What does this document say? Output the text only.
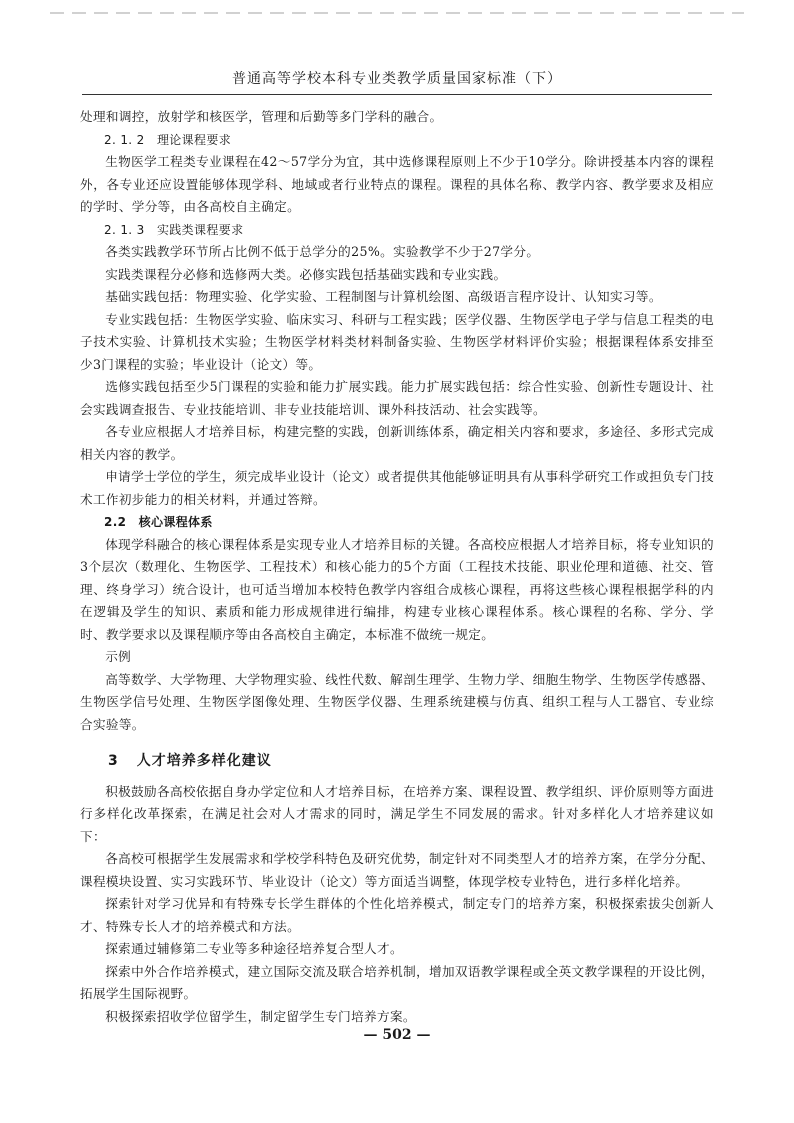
普通高等学校本科专业类教学质量国家标准（下）

处理和调控，放射学和核医学，管理和后勤等多门学科的融合。

2. 1. 2　理论课程要求

生物医学工程类专业课程在42～57学分为宜，其中选修课程原则上不少于10学分。除讲授基本内容的课程外，各专业还应设置能够体现学科、地域或者行业特点的课程。课程的具体名称、教学内容、教学要求及相应的学时、学分等，由各高校自主确定。

2. 1. 3　实践类课程要求

各类实践教学环节所占比例不低于总学分的25%。实验教学不少于27学分。

实践类课程分必修和选修两大类。必修实践包括基础实践和专业实践。

基础实践包括：物理实验、化学实验、工程制图与计算机绘图、高级语言程序设计、认知实习等。

专业实践包括：生物医学实验、临床实习、科研与工程实践；医学仪器、生物医学电子学与信息工程类的电子技术实验、计算机技术实验；生物医学材料类材料制备实验、生物医学材料评价实验；根据课程体系安排至少3门课程的实验；毕业设计（论文）等。

选修实践包括至少5门课程的实验和能力扩展实践。能力扩展实践包括：综合性实验、创新性专题设计、社会实践调查报告、专业技能培训、非专业技能培训、课外科技活动、社会实践等。

各专业应根据人才培养目标，构建完整的实践，创新训练体系，确定相关内容和要求，多途径、多形式完成相关内容的教学。

申请学士学位的学生，须完成毕业设计（论文）或者提供其他能够证明具有从事科学研究工作或担负专门技术工作初步能力的相关材料，并通过答辩。

2.2　核心课程体系

体现学科融合的核心课程体系是实现专业人才培养目标的关键。各高校应根据人才培养目标，将专业知识的3个层次（数理化、生物医学、工程技术）和核心能力的5个方面（工程技术技能、职业伦理和道德、社交、管理、终身学习）统合设计，也可适当增加本校特色教学内容组合成核心课程，再将这些核心课程根据学科的内在逻辑及学生的知识、素质和能力形成规律进行编排，构建专业核心课程体系。核心课程的名称、学分、学时、教学要求以及课程顺序等由各高校自主确定，本标准不做统一规定。

示例

高等数学、大学物理、大学物理实验、线性代数、解剖生理学、生物力学、细胞生物学、生物医学传感器、生物医学信号处理、生物医学图像处理、生物医学仪器、生理系统建模与仿真、组织工程与人工器官、专业综合实验等。

3 人才培养多样化建议

积极鼓励各高校依据自身办学定位和人才培养目标，在培养方案、课程设置、教学组织、评价原则等方面进行多样化改革探索，在满足社会对人才需求的同时，满足学生不同发展的需求。针对多样化人才培养建议如下：

各高校可根据学生发展需求和学校学科特色及研究优势，制定针对不同类型人才的培养方案，在学分分配、课程模块设置、实习实践环节、毕业设计（论文）等方面适当调整，体现学校专业特色，进行多样化培养。

探索针对学习优异和有特殊专长学生群体的个性化培养模式，制定专门的培养方案，积极探索拔尖创新人才、特殊专长人才的培养模式和方法。

探索通过辅修第二专业等多种途径培养复合型人才。

探索中外合作培养模式，建立国际交流及联合培养机制，增加双语教学课程或全英文教学课程的开设比例，拓展学生国际视野。

积极探索招收学位留学生，制定留学生专门培养方案。

— 502 —
